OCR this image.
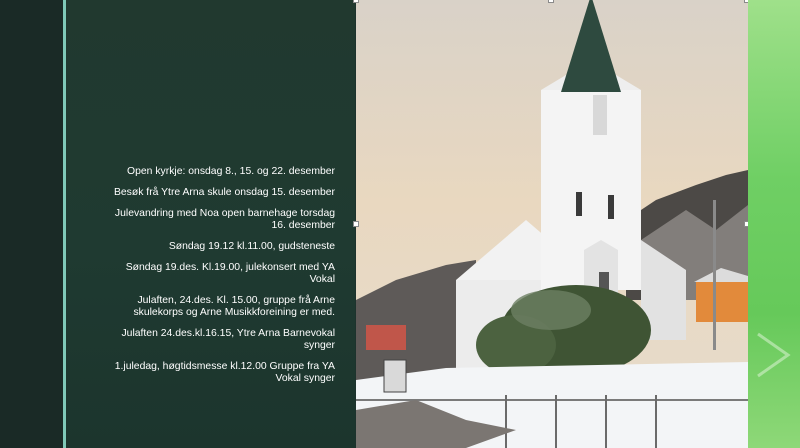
Open kyrkje: onsdag 8., 15. og 22. desember
Besøk frå Ytre Arna skule onsdag 15. desember
Julevandring med Noa open barnehage torsdag 16. desember
Søndag 19.12 kl.11.00, gudsteneste
Søndag 19.des. Kl.19.00, julekonsert med YA Vokal
Julaften, 24.des. Kl. 15.00, gruppe frå Arne skulekorps og Arne Musikkforeining er med.
Julaften 24.des.kl.16.15, Ytre Arna Barnevokal synger
1.juledag, høgtidsmesse kl.12.00 Gruppe fra YA Vokal synger
